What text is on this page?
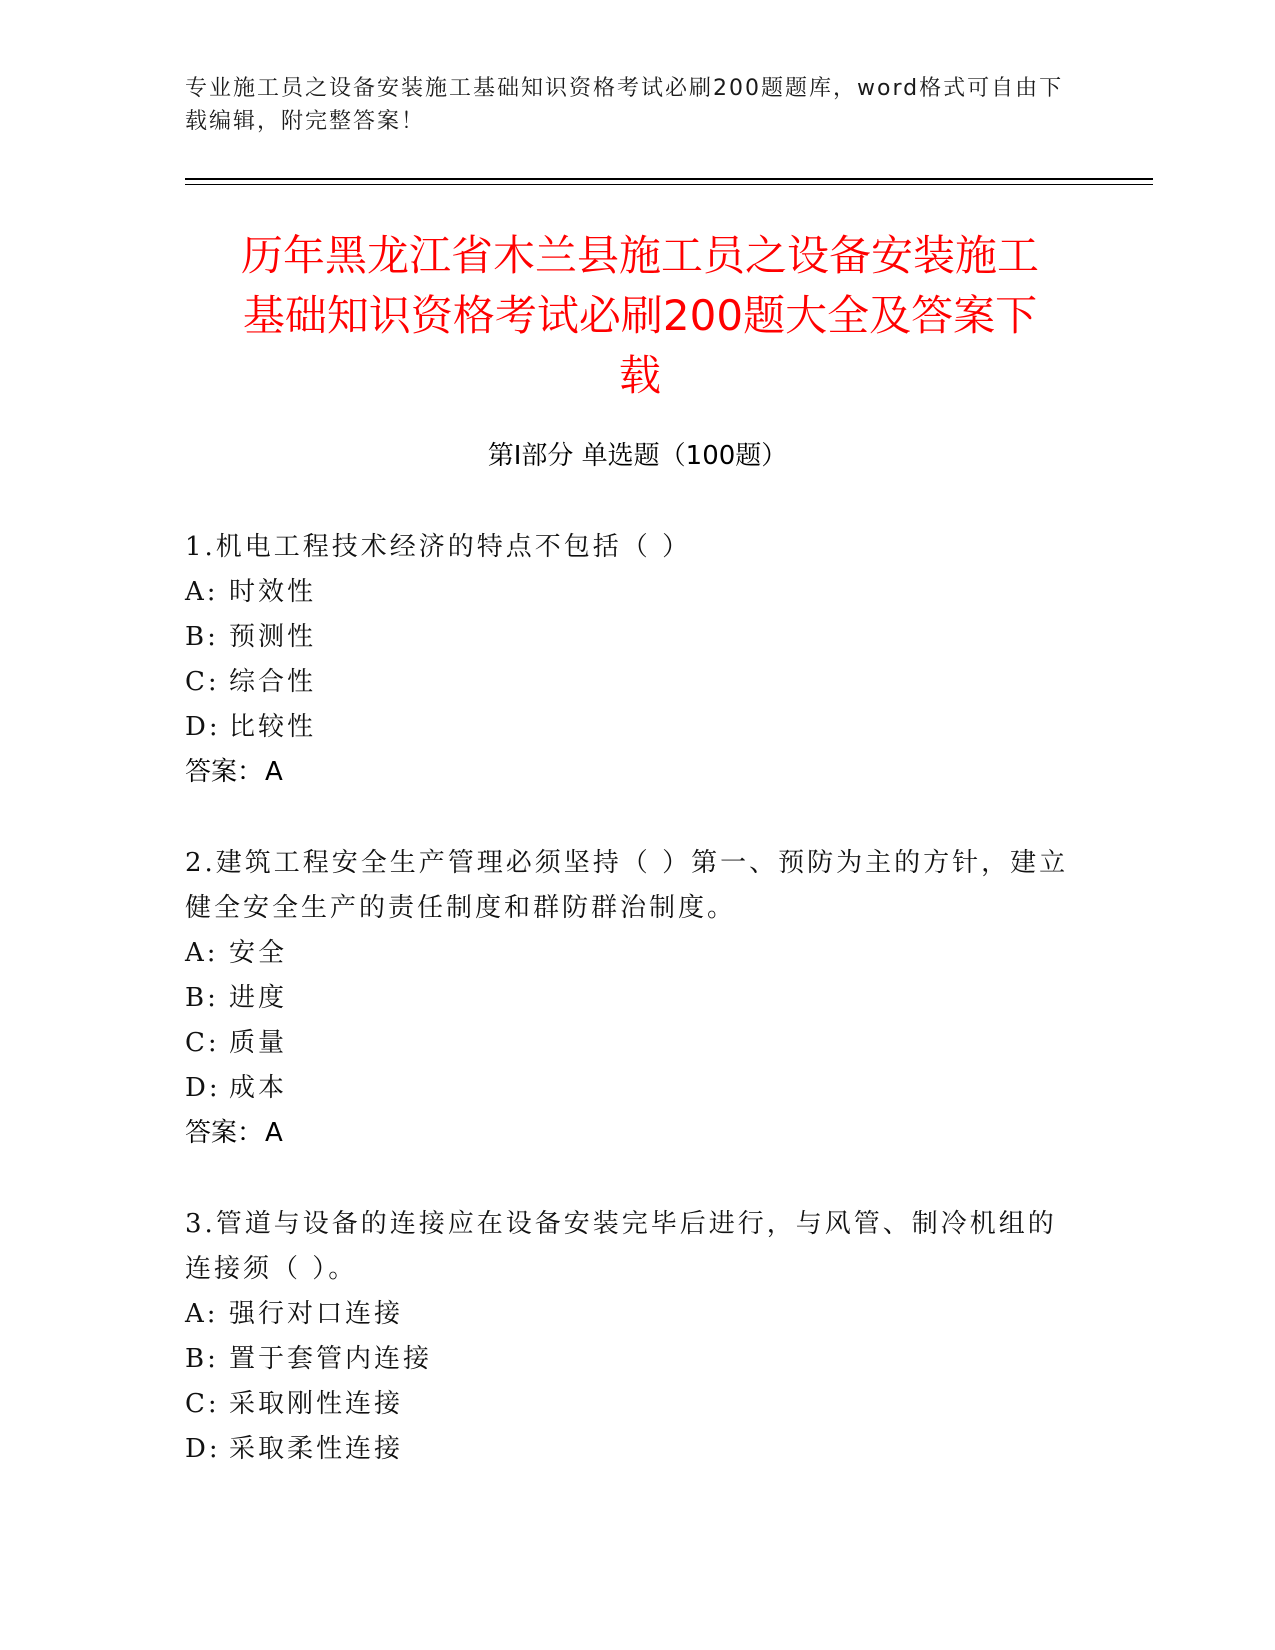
专业施工员之设备安装施工基础知识资格考试必刷200题题库，word格式可自由下载编辑，附完整答案！
历年黑龙江省木兰县施工员之设备安装施工
基础知识资格考试必刷200题大全及答案下
载
第Ⅰ部分 单选题（100题）
1.机电工程技术经济的特点不包括（ ）
A: 时效性
B: 预测性
C: 综合性
D: 比较性
答案：A
2.建筑工程安全生产管理必须坚持（ ）第一、预防为主的方针，建立健全安全生产的责任制度和群防群治制度。
A: 安全
B: 进度
C: 质量
D: 成本
答案：A
3.管道与设备的连接应在设备安装完毕后进行，与风管、制冷机组的连接须（ ）。
A: 强行对口连接
B: 置于套管内连接
C: 采取刚性连接
D: 采取柔性连接
